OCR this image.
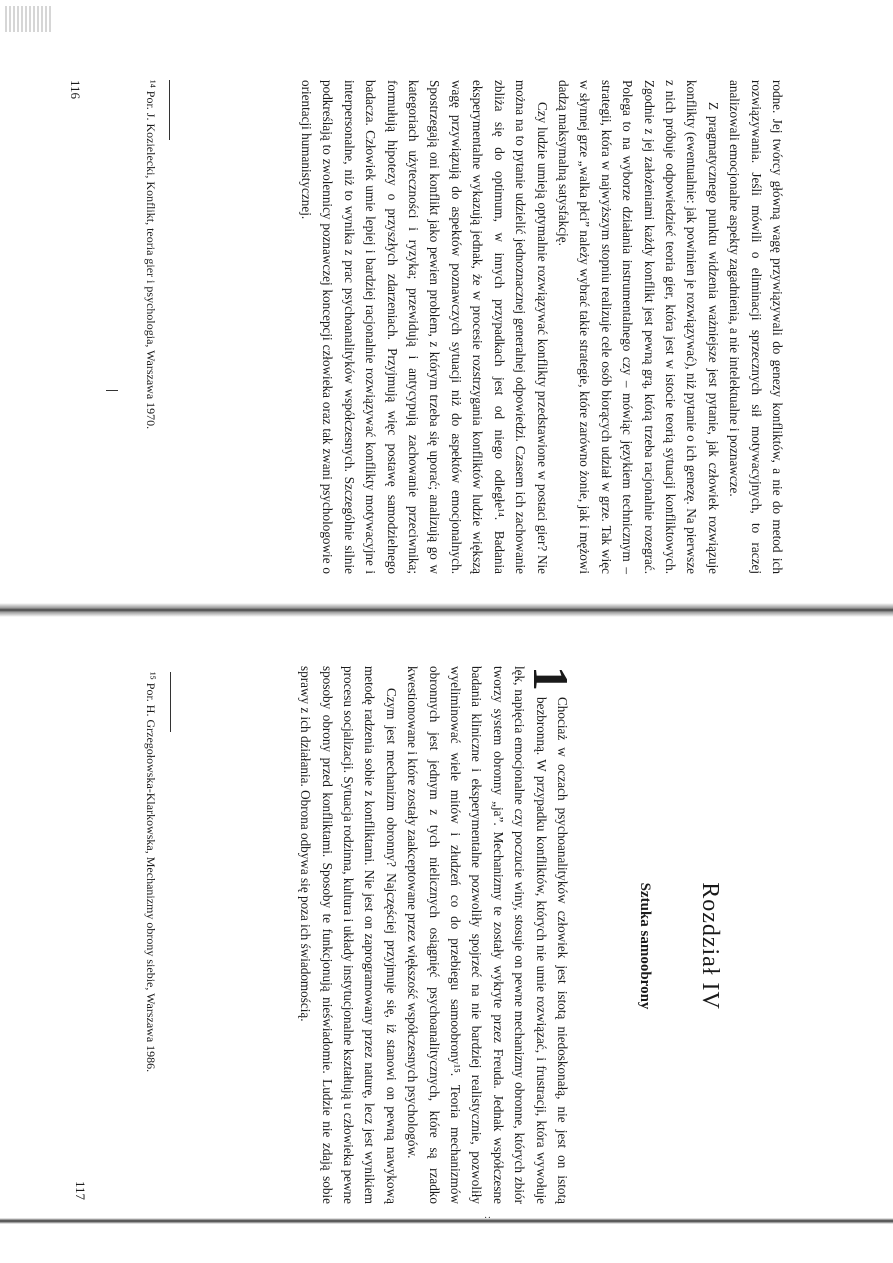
rodne. Jej twórcy główną wagę przywiązywali do genezy konfliktów, a nie do metod ich rozwiązywania. Jeśli mówili o eliminacji sprzecznych sił motywacyjnych, to raczej analizowali emocjonalne aspekty zagadnienia, a nie intelektualne i poznawcze.

Z pragmatycznego punktu widzenia ważniejsze jest pytanie, jak człowiek rozwiązuje konflikty (ewentualnie: jak powinien je rozwiązywać), niż pytanie o ich genezę. Na pierwsze z nich próbuje odpowiedzieć teoria gier, która jest w istocie teorią sytuacji konfliktowych. Zgodnie z jej założeniami każdy konflikt jest pewną grą, którą trzeba racjonalnie rozegrać. Polega to na wyborze działania instrumentalnego czy – mówiąc językiem technicznym – strategii, która w najwyższym stopniu realizuje cele osób biorących udział w grze. Tak więc w słynnej grze „walka płci” należy wybrać takie strategie, które zarówno żonie, jak i mężowi dadzą maksymalną satysfakcję.

Czy ludzie umieją optymalnie rozwiązywać konflikty przedstawione w postaci gier? Nie można na to pytanie udzielić jednoznacznej generalnej odpowiedzi. Czasem ich zachowanie zbliża się do optimum, w innych przypadkach jest od niego odległe¹⁴. Badania eksperymentalne wykazują jednak, że w procesie rozstrzygania konfliktów ludzie większą wagę przywiązują do aspektów poznawczych sytuacji niż do aspektów emocjonalnych. Spostrzegają oni konflikt jako pewien problem, z którym trzeba się uporać; analizują go w kategoriach użyteczności i ryzyka; przewidują i antycypują zachowanie przeciwnika; formułują hipotezy o przyszłych zdarzeniach. Przyjmują więc postawę samodzielnego badacza. Człowiek umie lepiej i bardziej racjonalnie rozwiązywać konflikty motywacyjne i interpersonalne, niż to wynika z prac psychoanalityków współczesnych. Szczególnie silnie podkreślają to zwolennicy poznawczej koncepcji człowieka oraz tak zwani psychologowie o orientacji humanistycznej.

¹⁴ Por. J. Kozielecki, Konflikt, teoria gier i psychologia, Warszawa 1970.
116
Rozdział IV
Sztuka samoobrony
1

Chociaż w oczach psychoanalityków człowiek jest istotą niedoskonałą, nie jest on istotą bezbronną. W przypadku konfliktów, których nie umie rozwiązać, i frustracji, która wywołuje lęk, napięcia emocjonalne czy poczucie winy, stosuje on pewne mechanizmy obronne, których zbiór tworzy system obronny „ja”. Mechanizmy te zostały wykryte przez Freuda. Jednak współczesne badania kliniczne i eksperymentalne pozwoliły spojrzeć na nie bardziej realistycznie, pozwoliły wyeliminować wiele mitów i złudzeń co do przebiegu samoobrony¹⁵. Teoria mechanizmów obronnych jest jednym z tych nielicznych osiągnięć psychoanalitycznych, które są rzadko kwestionowane i które zostały zaakceptowane przez większość współczesnych psychologów.

Czym jest mechanizm obronny? Najczęściej przyjmuje się, iż stanowi on pewną nawykową metodę radzenia sobie z konfliktami. Nie jest on zaprogramowany przez naturę, lecz jest wynikiem procesu socjalizacji. Sytuacja rodzinna, kultura i układy instytucjonalne kształtują u człowieka pewne sposoby obrony przed konfliktami. Sposoby te funkcjonują nieświadomie. Ludzie nie zdają sobie sprawy z ich działania. Obrona odbywa się poza ich świadomością.

¹⁵ Por. H. Grzegołowska-Klarkowska, Mechanizmy obrony siebie, Warszawa 1986.
117
